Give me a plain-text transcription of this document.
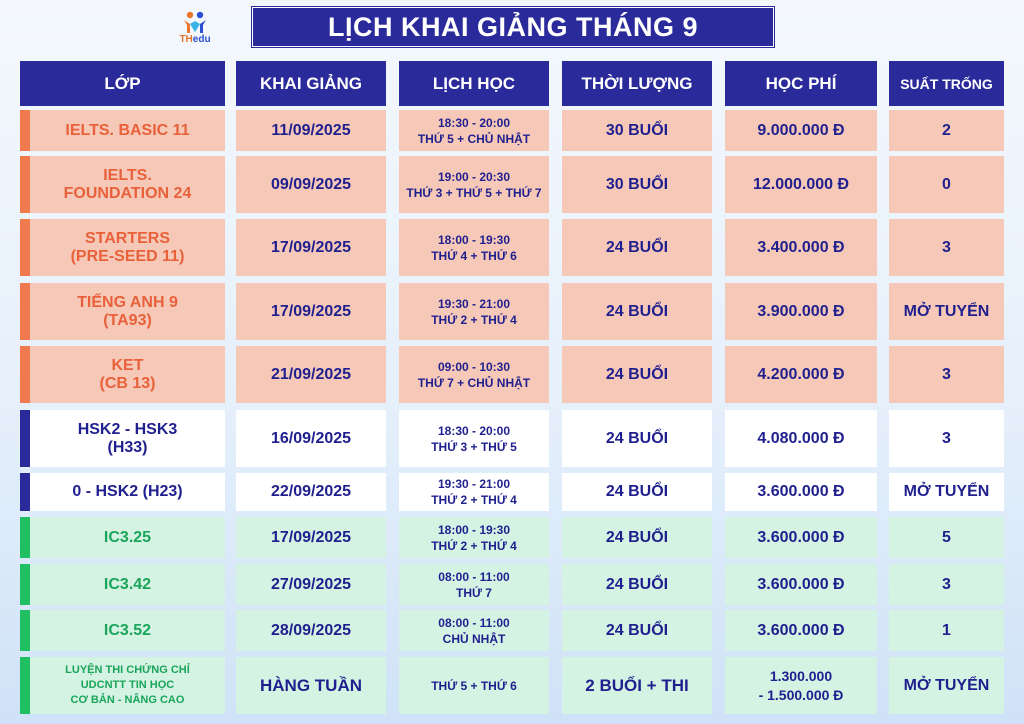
THedu	LỊCH KHAI GIẢNG THÁNG 9
LỚP	KHAI GIẢNG	LỊCH HỌC	THỜI LƯỢNG	HỌC PHÍ	SUẤT TRỐNG
IELTS. BASIC 11	11/09/2025	18:30 - 20:00
THỨ 5 + CHỦ NHẬT	30 BUỔI	9.000.000 Đ	2
IELTS.
FOUNDATION 24
09/09/2025	19:00 - 20:30
THỨ 3 + THỨ 5 + THỨ 7	30 BUỔI	12.000.000 Đ	0
STARTERS
(PRE-SEED 11)
17/09/2025	18:00 - 19:30
THỨ 4 + THỨ 6	24 BUỔI	3.400.000 Đ	3
TIẾNG ANH 9
(TA93)
17/09/2025	19:30 - 21:00
THỨ 2 + THỨ 4	24 BUỔI	3.900.000 Đ	MỞ TUYỂN
KET
(CB 13)
21/09/2025	09:00 - 10:30
THỨ 7 + CHỦ NHẬT	24 BUỔI	4.200.000 Đ	3
HSK2 - HSK3
(H33)
16/09/2025	18:30 - 20:00
THỨ 3 + THỨ 5	24 BUỔI	4.080.000 Đ	3
0 - HSK2 (H23)	22/09/2025	19:30 - 21:00
THỨ 2 + THỨ 4	24 BUỔI	3.600.000 Đ	MỞ TUYỂN
IC3.25	17/09/2025	18:00 - 19:30
THỨ 2 + THỨ 4	24 BUỔI	3.600.000 Đ	5
IC3.42	27/09/2025	08:00 - 11:00
THỨ 7	24 BUỔI	3.600.000 Đ	3
IC3.52	28/09/2025	08:00 - 11:00
CHỦ NHẬT	24 BUỔI	3.600.000 Đ	1
LUYỆN THI CHỨNG CHỈ
UDCNTT TIN HỌC
CƠ BẢN - NÂNG CAO
HÀNG TUẦN	THỨ 5 + THỨ 6	2 BUỔI + THI	1.300.000
- 1.500.000 Đ
MỞ TUYỂN
